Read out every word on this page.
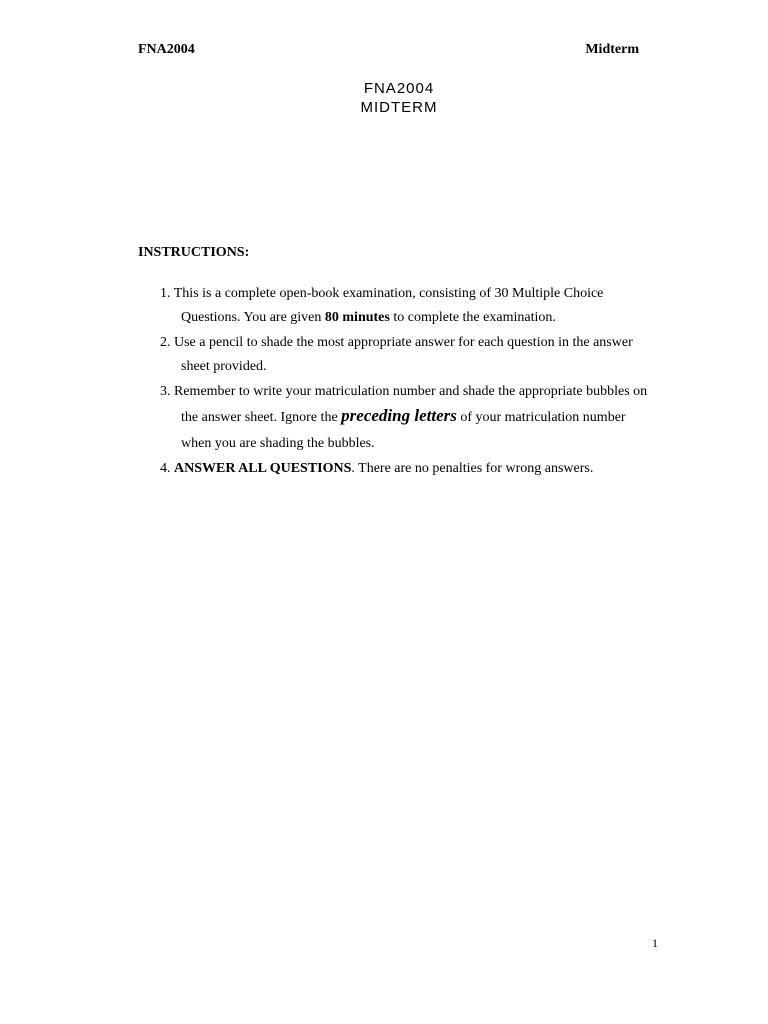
FNA2004	Midterm
FNA2004
MIDTERM
INSTRUCTIONS:
1. This is a complete open-book examination, consisting of 30 Multiple Choice
Questions. You are given 80 minutes to complete the examination.
2. Use a pencil to shade the most appropriate answer for each question in the answer
sheet provided.
3. Remember to write your matriculation number and shade the appropriate bubbles on
the answer sheet. Ignore the preceding letters of your matriculation number
when you are shading the bubbles.
4. ANSWER ALL QUESTIONS. There are no penalties for wrong answers.
1
